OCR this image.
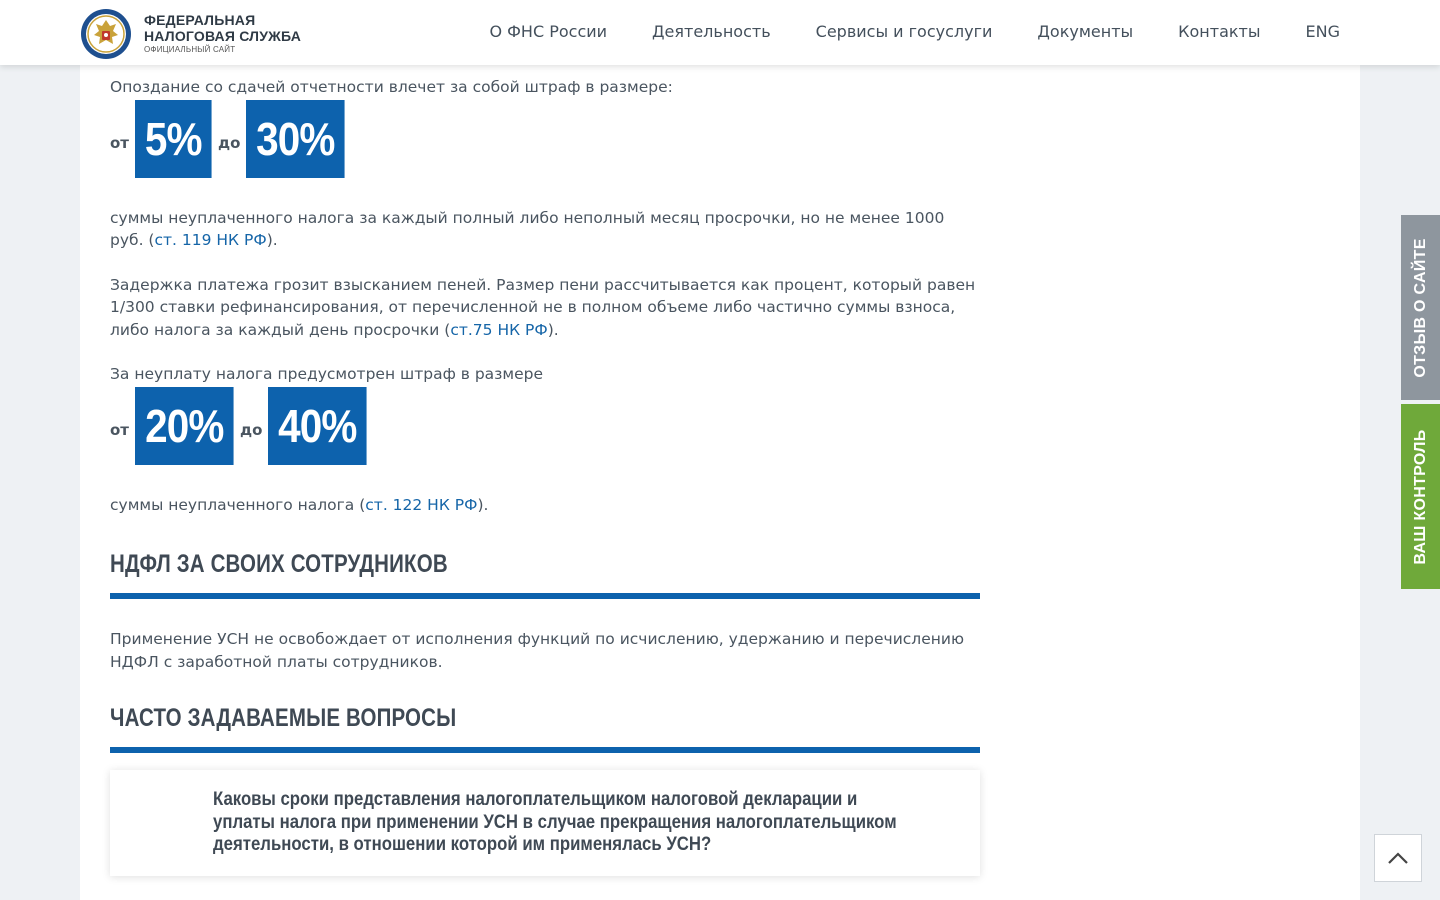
ФЕДЕРАЛЬНАЯ
НАЛОГОВАЯ СЛУЖБА
ОФИЦИАЛЬНЫЙ САЙТ
О ФНС России	Деятельность	Сервисы и госуслуги	Документы	Контакты	ENG

Опоздание со сдачей отчетности влечет за собой штраф в размере:

от 5%	до 30%

суммы неуплаченного налога за каждый полный либо неполный месяц просрочки, но не менее 1000 руб. (ст. 119 НК РФ).

Задержка платежа грозит взысканием пеней. Размер пени рассчитывается как процент, который равен 1/300 ставки рефинансирования, от перечисленной не в полном объеме либо частично суммы взноса, либо налога за каждый день просрочки (ст.75 НК РФ).

За неуплату налога предусмотрен штраф в размере

от 20%	до 40%

суммы неуплаченного налога (ст. 122 НК РФ).

НДФЛ ЗА СВОИХ СОТРУДНИКОВ

Применение УСН не освобождает от исполнения функций по исчислению, удержанию и перечислению НДФЛ с заработной платы сотрудников.

ЧАСТО ЗАДАВАЕМЫЕ ВОПРОСЫ
Каковы сроки представления налогоплательщиком налоговой декларации и уплаты налога при применении УСН в случае прекращения налогоплательщиком деятельности, в отношении которой им применялась УСН?
ОТЗЫВ О САЙТЕ
ВАШ КОНТРОЛЬ
